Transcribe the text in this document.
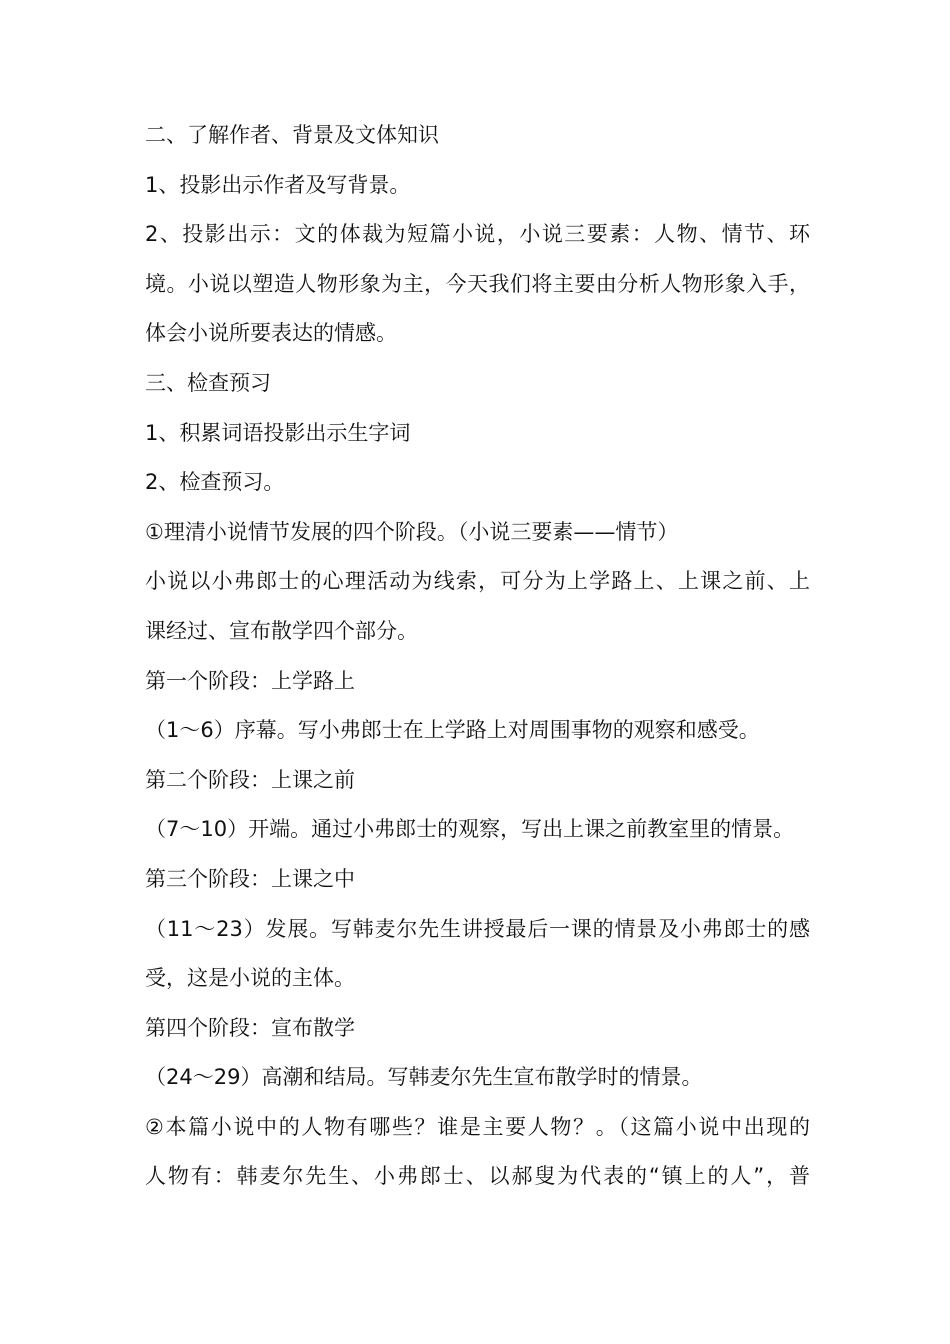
二、了解作者、背景及文体知识
1、投影出示作者及写背景。
2、投影出示：文的体裁为短篇小说，小说三要素：人物、情节、环
境。小说以塑造人物形象为主，今天我们将主要由分析人物形象入手，
体会小说所要表达的情感。
三、检查预习
1、积累词语投影出示生字词
2、检查预习。
①理清小说情节发展的四个阶段。（小说三要素——情节）
小说以小弗郎士的心理活动为线索，可分为上学路上、上课之前、上
课经过、宣布散学四个部分。
第一个阶段：上学路上
（1～6）序幕。写小弗郎士在上学路上对周围事物的观察和感受。
第二个阶段：上课之前
（7～10）开端。通过小弗郎士的观察，写出上课之前教室里的情景。
第三个阶段：上课之中
（11～23）发展。写韩麦尔先生讲授最后一课的情景及小弗郎士的感
受，这是小说的主体。
第四个阶段：宣布散学
（24～29）高潮和结局。写韩麦尔先生宣布散学时的情景。
②本篇小说中的人物有哪些？谁是主要人物？。（这篇小说中出现的
人物有：韩麦尔先生、小弗郎士、以郝叟为代表的“镇上的人”，普
